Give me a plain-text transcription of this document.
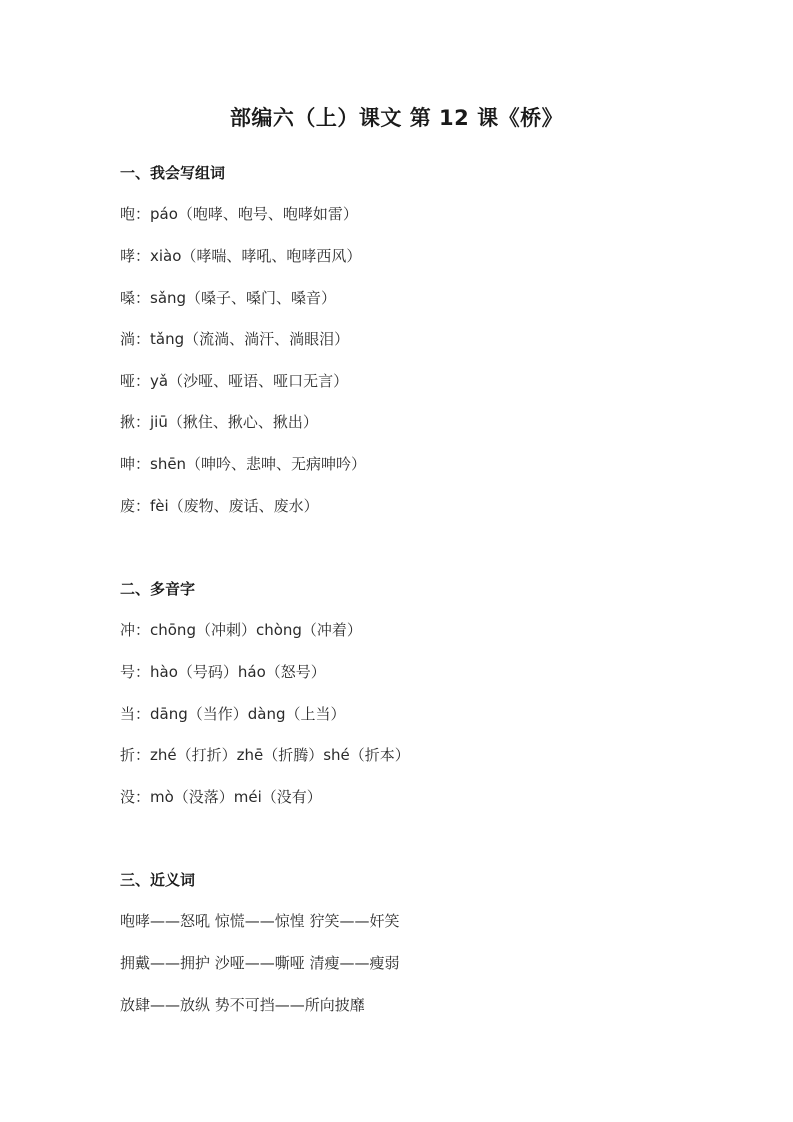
部编六（上）课文 第 12 课《桥》
一、我会写组词
咆：páo（咆哮、咆号、咆哮如雷）
哮：xiào（哮喘、哮吼、咆哮西风）
嗓：sǎng（嗓子、嗓门、嗓音）
淌：tǎng（流淌、淌汗、淌眼泪）
哑：yǎ（沙哑、哑语、哑口无言）
揪：jiū（揪住、揪心、揪出）
呻：shēn（呻吟、悲呻、无病呻吟）
废：fèi（废物、废话、废水）
二、多音字
冲：chōng（冲刺）chòng（冲着）
号：hào（号码）háo（怒号）
当：dāng（当作）dàng（上当）
折：zhé（打折）zhē（折腾）shé（折本）
没：mò（没落）méi（没有）
三、近义词
咆哮——怒吼 惊慌——惊惶 狞笑——奸笑
拥戴——拥护 沙哑——嘶哑 清瘦——瘦弱
放肆——放纵 势不可挡——所向披靡
